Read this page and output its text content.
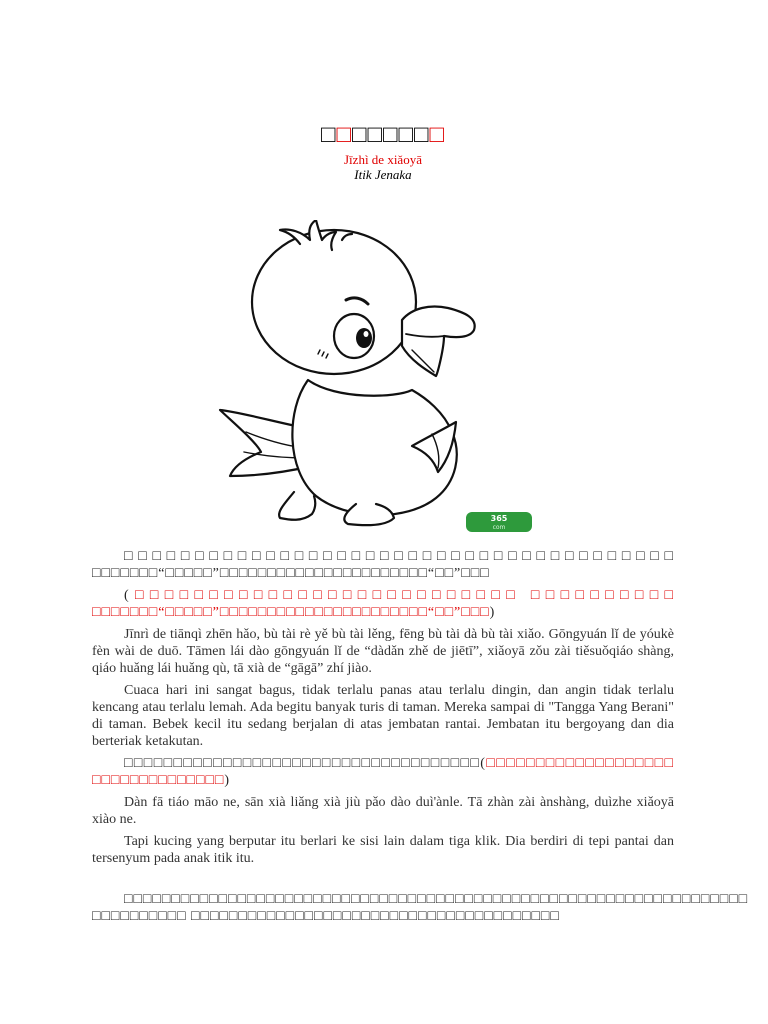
□□□□□□□□
Jīzhì de xiǎoyā
Itik Jenaka
365
com

□□□□□□□□□□□□□□□□□□□□□□□□□□□□□□□□□□□□□□□ □□□□□□□“□□□□□”□□□□□□□□□□□□□□□□□□□□□□“□□”□□□

(□□□□□□□□□□□□□□□□□□□□□□□□□□ □□□□□□□□□□ □□□□□□□“□□□□□”□□□□□□□□□□□□□□□□□□□□□□“□□”□□□)

Jīnrì de tiānqì zhēn hǎo, bù tài rè yě bù tài lěng, fēng bù tài dà bù tài xiǎo. Gōngyuán lǐ de yóukè fèn wài de duō. Tāmen lái dào gōngyuán lǐ de “dàdǎn zhě de jiētī”, xiǎoyā zǒu zài tiěsuǒqiáo shàng, qiáo huǎng lái huǎng qù, tā xià de “gāgā” zhí jiào.

Cuaca hari ini sangat bagus, tidak terlalu panas atau terlalu dingin, dan angin tidak terlalu kencang atau terlalu lemah. Ada begitu banyak turis di taman. Mereka sampai di "Tangga Yang Berani" di taman. Bebek kecil itu sedang berjalan di atas jembatan rantai. Jembatan itu bergoyang dan dia berteriak ketakutan.

□□□□□□□□□□□□□□□□□□□□□□□□□□□□□□□□□□□□(□□□□□□□□□□□□□□□□□□□ □□□□□□□□□□□□□□)

Dàn fā tiáo māo ne, sān xià liǎng xià jiù pǎo dào duì'ànle. Tā zhàn zài ànshàng, duìzhe xiǎoyā xiào ne.

Tapi kucing yang berputar itu berlari ke sisi lain dalam tiga klik. Dia berdiri di tepi pantai dan tersenyum pada anak itik itu.

□□□□□□□□□□□□□□□□□□□□□□□□□□□□□□□□□□□□□□□□□□□□□□□□□□□□□□□□□□□□□□□□□□ □□□□□□□□□□ □□□□□□□□□□□□□□□□□□□□□□□□□□□□□□□□□□□□□□□
